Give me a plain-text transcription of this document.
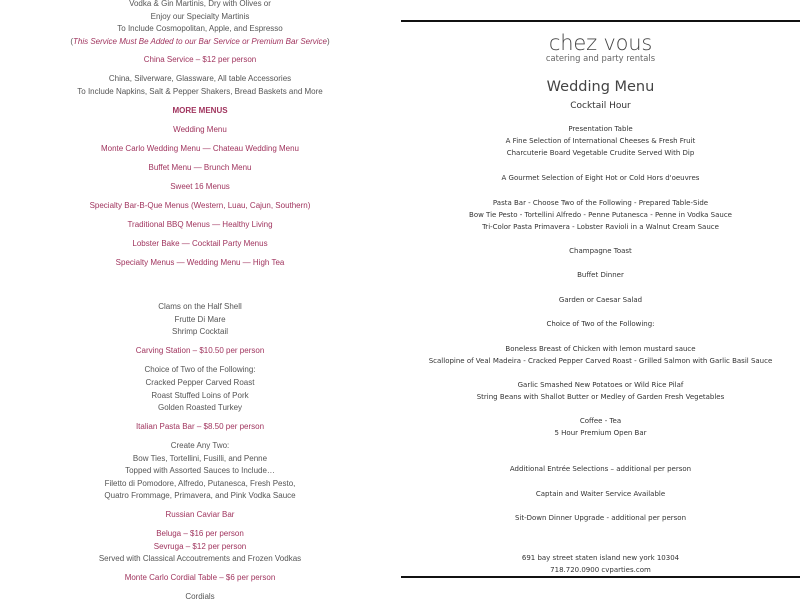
Vodka & Gin Martinis, Dry with Olives or
Enjoy our Specialty Martinis
To Include Cosmopolitan, Apple, and Espresso
(This Service Must Be Added to our Bar Service or Premium Bar Service)
China Service – $12 per person
China, Silverware, Glassware, All table Accessories
To Include Napkins, Salt & Pepper Shakers, Bread Baskets and More
MORE MENUS
Wedding Menu
Monte Carlo Wedding Menu — Chateau Wedding Menu
Buffet Menu — Brunch Menu
Sweet 16 Menus
Specialty Bar-B-Que Menus (Western, Luau, Cajun, Southern)
Traditional BBQ Menus — Healthy Living
Lobster Bake — Cocktail Party Menus
Specialty Menus — Wedding Menu — High Tea
Clams on the Half Shell
Frutte Di Mare
Shrimp Cocktail
Carving Station – $10.50 per person
Choice of Two of the Following:
Cracked Pepper Carved Roast
Roast Stuffed Loins of Pork
Golden Roasted Turkey
Italian Pasta Bar – $8.50 per person
Create Any Two:
Bow Ties, Tortellini, Fusilli, and Penne
Topped with Assorted Sauces to Include…
Filetto di Pomodore, Alfredo, Putanesca, Fresh Pesto,
Quatro Frommage, Primavera, and Pink Vodka Sauce
Russian Caviar Bar
Beluga – $16 per person
Sevruga – $12 per person
Served with Classical Accoutrements and Frozen Vodkas
Monte Carlo Cordial Table – $6 per person
Cordials
chez vous
catering and party rentals
Wedding Menu
Cocktail Hour
Presentation Table
A Fine Selection of International Cheeses & Fresh Fruit
Charcuterie Board Vegetable Crudite Served With Dip
A Gourmet Selection of Eight Hot or Cold Hors d'oeuvres
Pasta Bar - Choose Two of the Following - Prepared Table-Side
Bow Tie Pesto - Tortellini Alfredo - Penne Putanesca - Penne in Vodka Sauce
Tri-Color Pasta Primavera - Lobster Ravioli in a Walnut Cream Sauce
Champagne Toast
Buffet Dinner
Garden or Caesar Salad
Choice of Two of the Following:
Boneless Breast of Chicken with lemon mustard sauce
Scallopine of Veal Madeira - Cracked Pepper Carved Roast - Grilled Salmon with Garlic Basil Sauce
Garlic Smashed New Potatoes or Wild Rice Pilaf
String Beans with Shallot Butter or Medley of Garden Fresh Vegetables
Coffee - Tea
5 Hour Premium Open Bar
Additional Entrée Selections – additional per person
Captain and Waiter Service Available
Sit-Down Dinner Upgrade - additional per person
691 bay street staten island new york 10304
718.720.0900 cvparties.com
